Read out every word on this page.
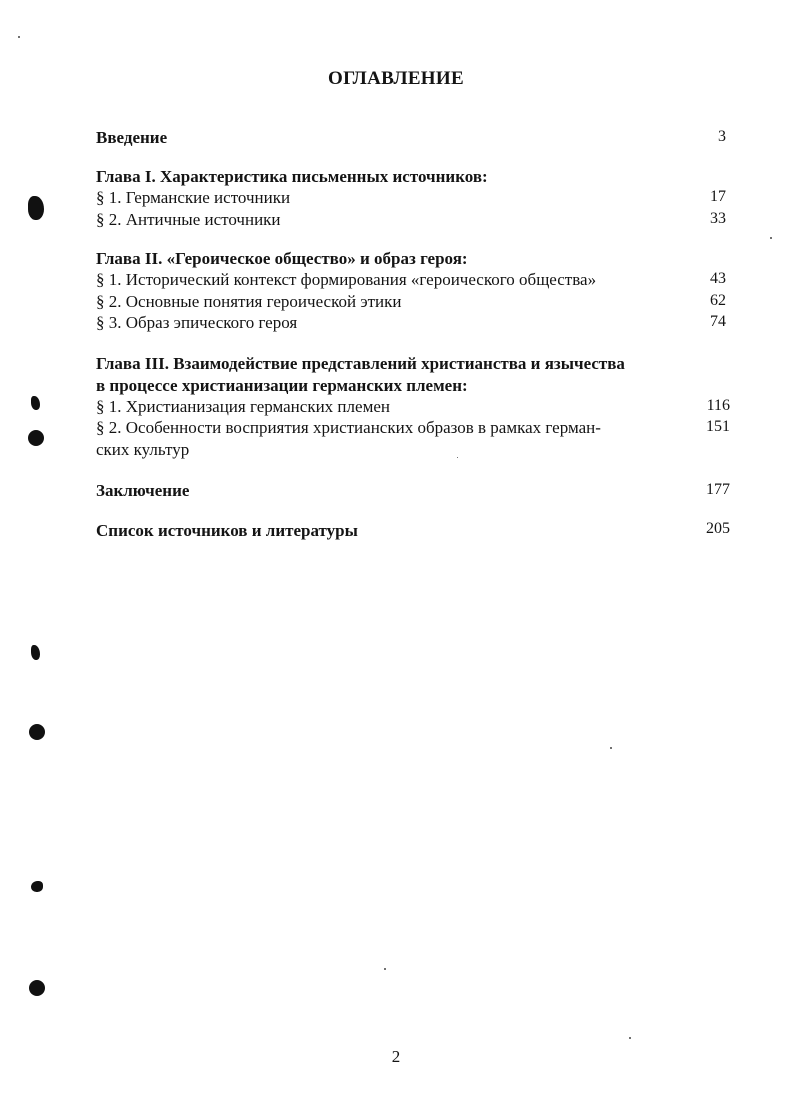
ОГЛАВЛЕНИЕ
Введение	3
Глава I. Характеристика письменных источников:
§ 1. Германские источники	17
§ 2. Античные источники	33
Глава II. «Героическое общество» и образ героя:
§ 1. Исторический контекст формирования «героического общества»	43
§ 2. Основные понятия героической этики	62
§ 3. Образ эпического героя	74
Глава III. Взаимодействие представлений христианства и язычества
в процессе христианизации германских племен:
§ 1. Христианизация германских племен	116
§ 2. Особенности восприятия христианских образов в рамках герман-	151
ских культур
Заключение	177
Список источников и литературы	205
2
